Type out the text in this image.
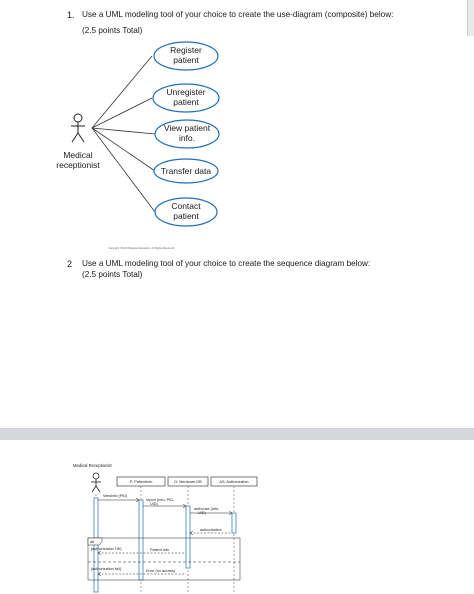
1. Use a UML modeling tool of your choice to create the use-diagram (composite) below:
(2.5 points Total)
Medical
receptionist
Register
patient
Unregister
patient
View patient
info.
Transfer data
Contact
patient
Copyright ©2016 Pearson Education, All Rights Reserved
2 Use a UML modeling tool of your choice to create the sequence diagram below:
(2.5 points Total)
Medical Receptionist
P: PatientInfo	D: Mentcare-DB	AS: Authorization
ViewInfo (PID)
report (Info, PID,
UID)
authorize (Info,
UID)
authorization
Patient info
Error (no access)
alt
[authorization OK]
[authorization fail]
